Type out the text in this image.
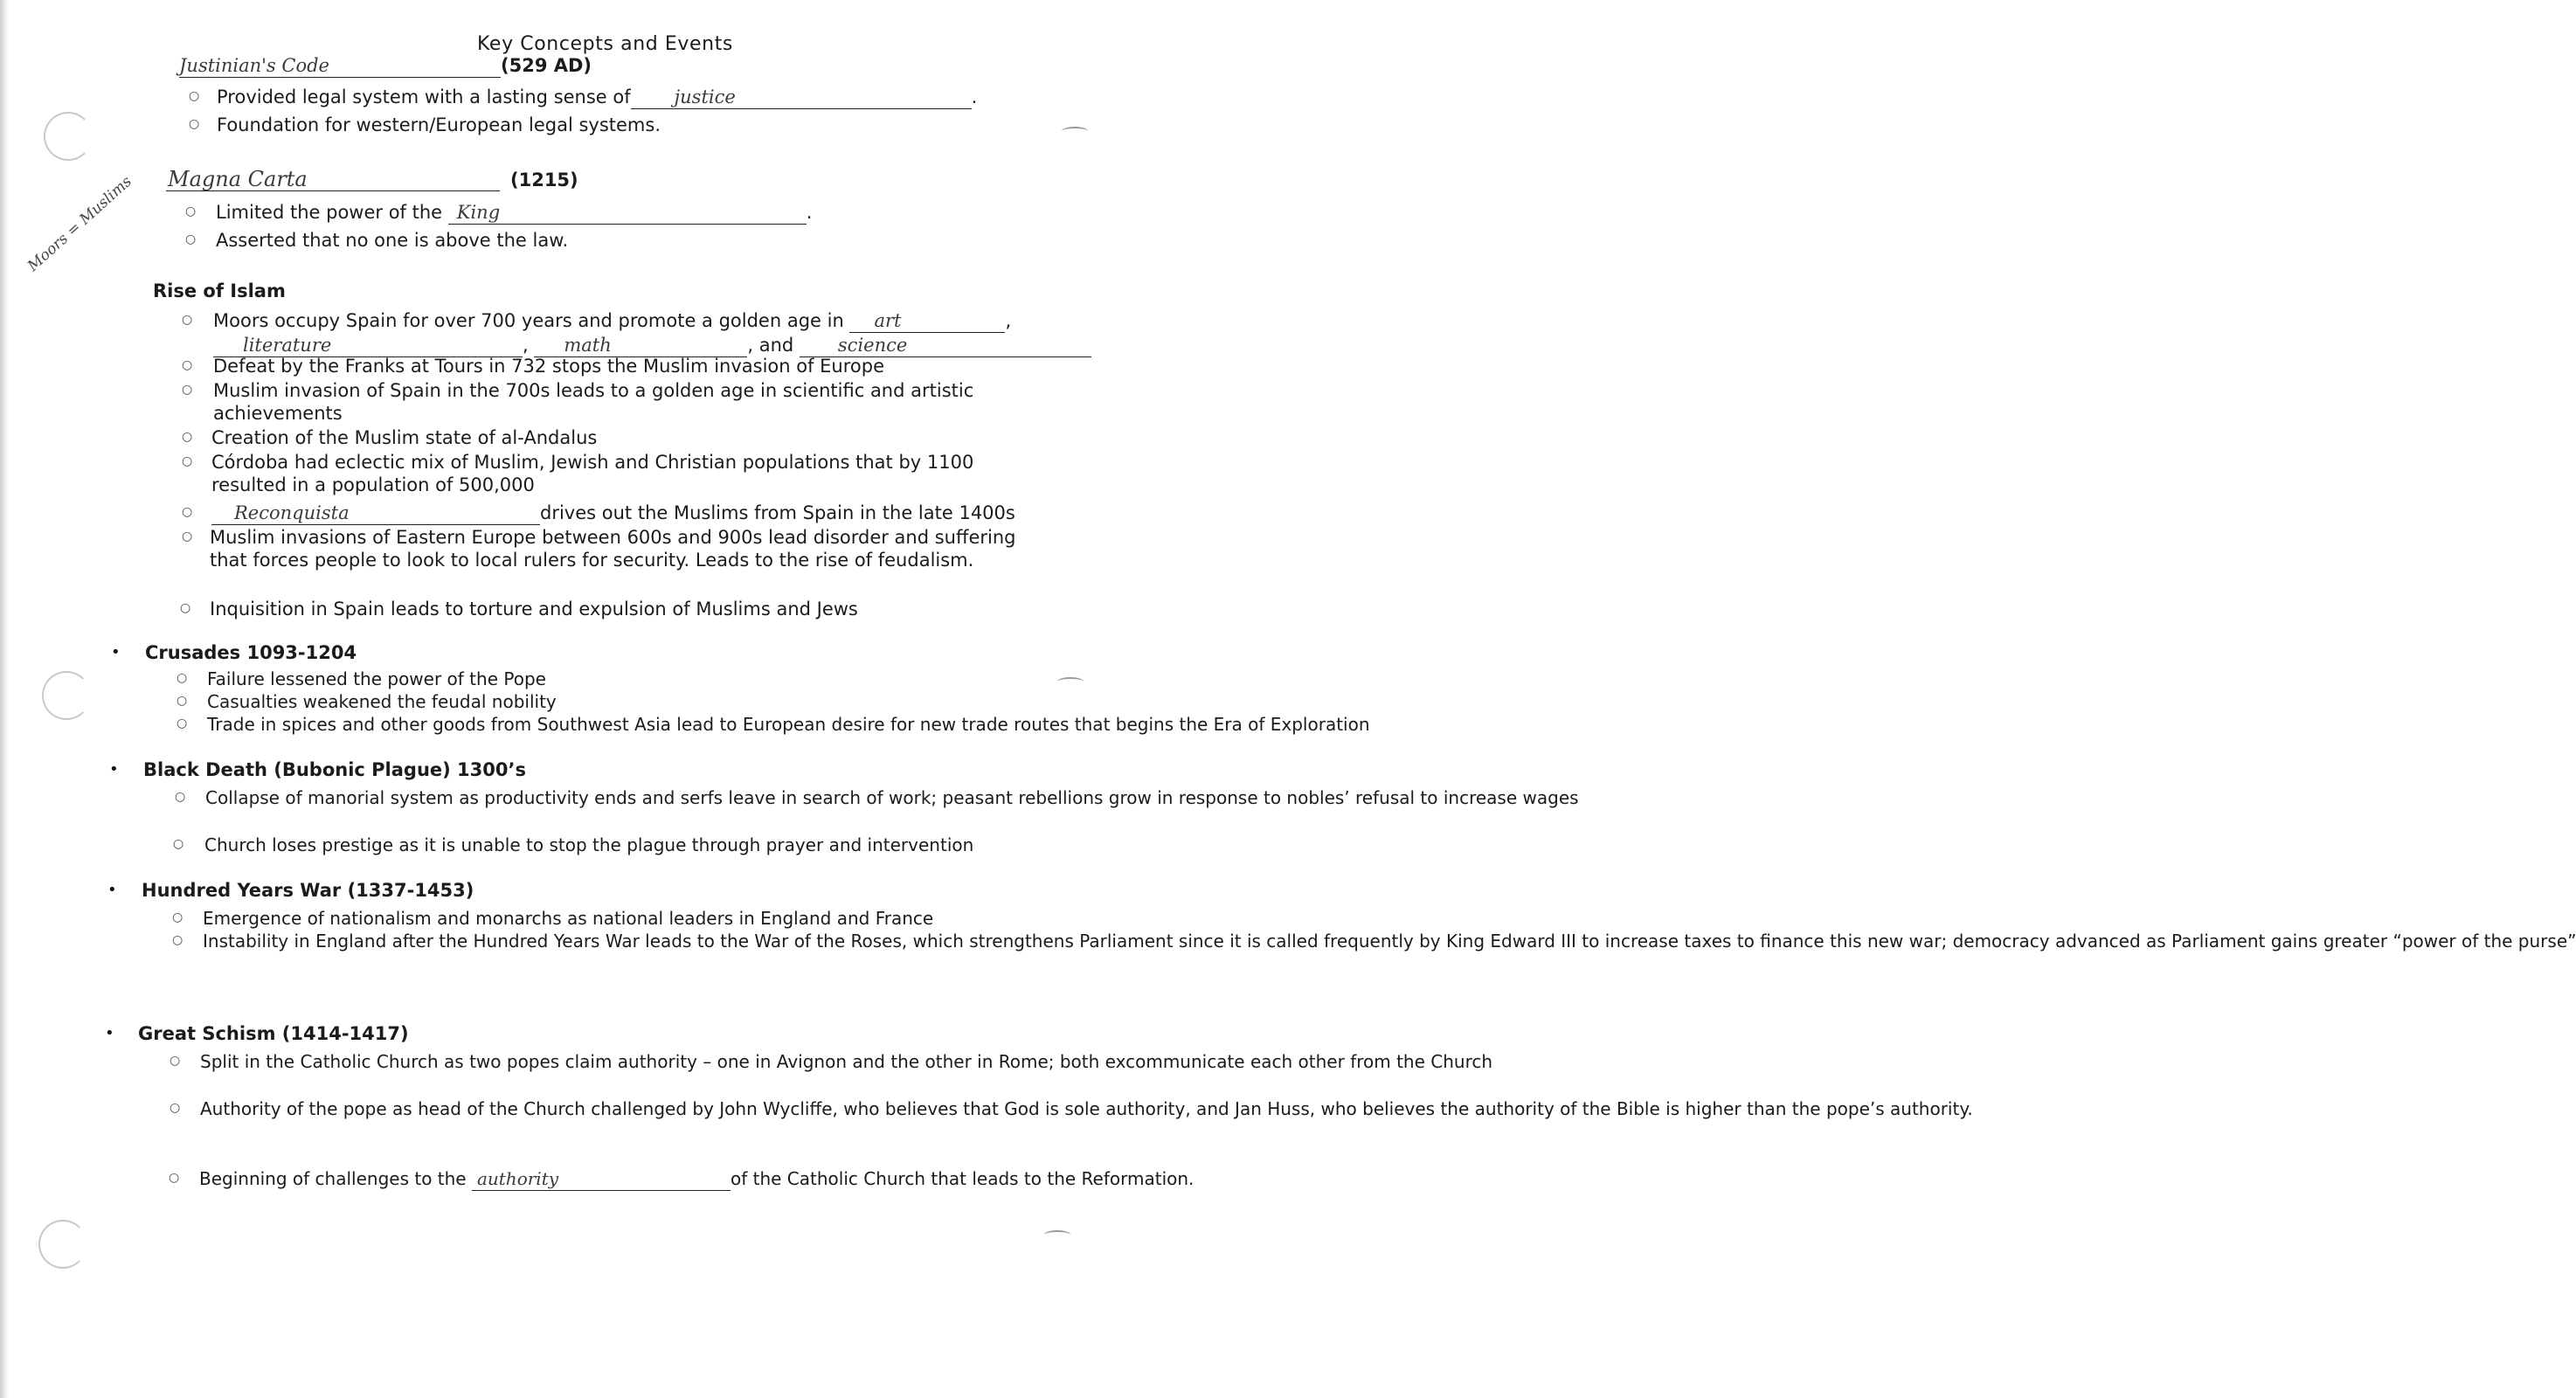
Key Concepts and Events
Moors = Muslims
Justinian's Code	(529 AD)
○ Provided legal system with a lasting sense of justice	.
○ Foundation for western/European legal systems.
Magna Carta	(1215)
○ Limited the power of the King	.
○ Asserted that no one is above the law.
Rise of Islam
○ Moors occupy Spain for over 700 years and promote a golden age in art	,
literature	, math	, and science
○ Defeat by the Franks at Tours in 732 stops the Muslim invasion of Europe
○ Muslim invasion of Spain in the 700s leads to a golden age in scientific and artistic achievements
○ Creation of the Muslim state of al-Andalus
○ Córdoba had eclectic mix of Muslim, Jewish and Christian populations that by 1100 resulted in a population of 500,000
○	Reconquista	drives out the Muslims from Spain in the late 1400s
○ Muslim invasions of Eastern Europe between 600s and 900s lead disorder and suffering that forces people to look to local rulers for security. Leads to the rise of feudalism.
○ Inquisition in Spain leads to torture and expulsion of Muslims and Jews
• Crusades 1093-1204
○ Failure lessened the power of the Pope
○ Casualties weakened the feudal nobility
○ Trade in spices and other goods from Southwest Asia lead to European desire for new trade routes that begins the Era of Exploration
• Black Death (Bubonic Plague) 1300’s
○ Collapse of manorial system as productivity ends and serfs leave in search of work; peasant rebellions grow in response to nobles’ refusal to increase wages
○ Church loses prestige as it is unable to stop the plague through prayer and intervention
• Hundred Years War (1337-1453)
○ Emergence of nationalism and monarchs as national leaders in England and France
○ Instability in England after the Hundred Years War leads to the War of the Roses, which strengthens Parliament since it is called frequently by King Edward III to increase taxes to finance this new war; democracy advanced as Parliament gains greater “power of the purse”
• Great Schism (1414-1417)
○ Split in the Catholic Church as two popes claim authority – one in Avignon and the other in Rome; both excommunicate each other from the Church
○ Authority of the pope as head of the Church challenged by John Wycliffe, who believes that God is sole authority, and Jan Huss, who believes the authority of the Bible is higher than the pope’s authority.
○ Beginning of challenges to the authority	of the Catholic Church that leads to the Reformation.
